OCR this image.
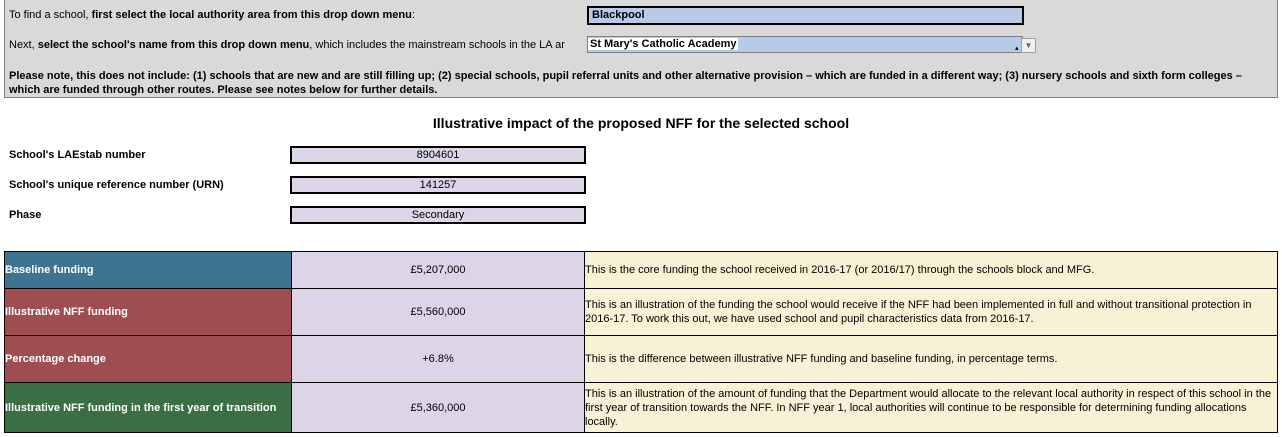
To find a school, first select the local authority area from this drop down menu:	Blackpool
Next, select the school's name from this drop down menu, which includes the mainstream schools in the LA ar St Mary's Catholic Academy	▴ ▼
Please note, this does not include: (1) schools that are new and are still filling up; (2) special schools, pupil referral units and other alternative provision – which are funded in a different way; (3) nursery schools and sixth form colleges – which are funded through other routes. Please see notes below for further details.
Illustrative impact of the proposed NFF for the selected school
School's LAEstab number	8904601
School's unique reference number (URN)	141257
Phase	Secondary
Baseline funding	£5,207,000	This is the core funding the school received in 2016-17 (or 2016/17) through the schools block and MFG.
Illustrative NFF funding	£5,560,000	This is an illustration of the funding the school would receive if the NFF had been implemented in full and without transitional protection in 2016-17. To work this out, we have used school and pupil characteristics data from 2016-17.
Percentage change	+6.8%	This is the difference between illustrative NFF funding and baseline funding, in percentage terms.
Illustrative NFF funding in the first year of transition	£5,360,000	This is an illustration of the amount of funding that the Department would allocate to the relevant local authority in respect of this school in the first year of transition towards the NFF. In NFF year 1, local authorities will continue to be responsible for determining funding allocations locally.
